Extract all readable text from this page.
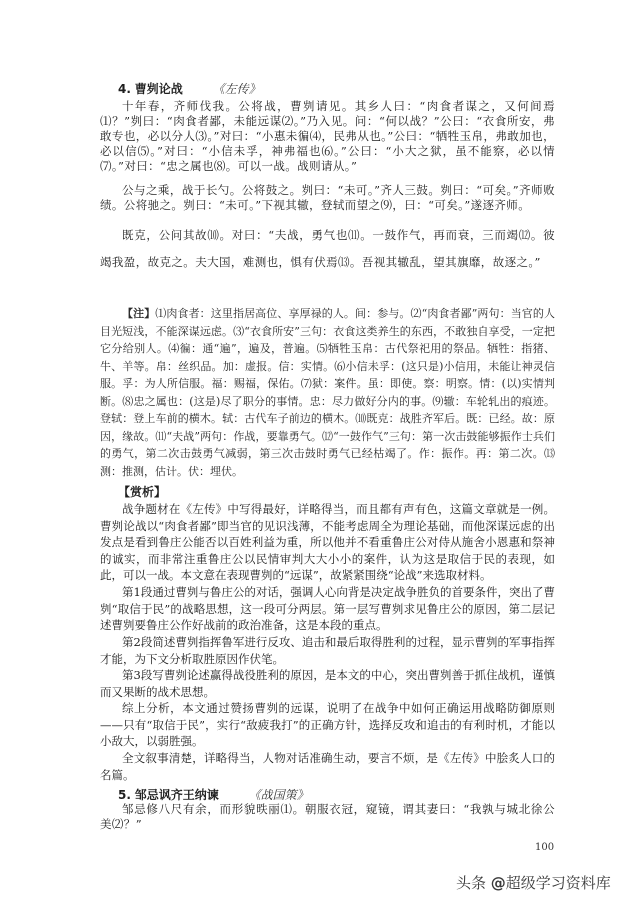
4. 曹刿论战 《左传》

十年春，齐师伐我。公将战，曹刿请见。其乡人曰：“肉食者谋之，又何间焉⑴？”刿曰：“肉食者鄙，未能远谋⑵。”乃入见。问：“何以战？”公曰：“衣食所安，弗敢专也，必以分人⑶。”对曰：“小惠未徧⑷，民弗从也。”公曰：“牺牲玉帛，弗敢加也，必以信⑸。”对曰：“小信未孚，神弗福也⑹。”公曰：“小大之狱，虽不能察，必以情⑺。”对曰：“忠之属也⑻。可以一战。战则请从。”

公与之乘，战于长勺。公将鼓之。刿曰：“未可。”齐人三鼓。刿曰：“可矣。”齐师败绩。公将驰之。刿曰：“未可。”下视其辙，登轼而望之⑼，曰：“可矣。”遂逐齐师。

既克，公问其故⑽。对曰：“夫战，勇气也⑾。一鼓作气，再而衰，三而竭⑿。彼竭我盈，故克之。夫大国，难测也，惧有伏焉⒀。吾视其辙乱，望其旗靡，故逐之。”

【注】⑴肉食者：这里指居高位、享厚禄的人。间：参与。⑵“肉食者鄙”两句：当官的人目光短浅，不能深谋远虑。⑶“衣食所安”三句：衣食这类养生的东西，不敢独自享受，一定把它分给别人。⑷徧：通“遍”，遍及，普遍。⑸牺牲玉帛：古代祭祀用的祭品。牺牲：指猪、牛、羊等。帛：丝织品。加：虚报。信：实情。⑹小信未孚：(这只是)小信用，未能让神灵信服。孚：为人所信服。福：赐福，保佑。⑺狱：案件。虽：即使。察：明察。情：(以)实情判断。⑻忠之属也：(这是)尽了职分的事情。忠：尽力做好分内的事。⑼辙：车轮轧出的痕迹。登轼：登上车前的横木。轼：古代车子前边的横木。⑽既克：战胜齐军后。既：已经。故：原因，缘故。⑾“夫战”两句：作战，要靠勇气。⑿“一鼓作气”三句：第一次击鼓能够振作士兵们的勇气，第二次击鼓勇气减弱，第三次击鼓时勇气已经枯竭了。作：振作。再：第二次。⒀测：推测，估计。伏：埋伏。

【赏析】

战争题材在《左传》中写得最好，详略得当，而且都有声有色，这篇文章就是一例。曹刿论战以“肉食者鄙”即当官的见识浅薄，不能考虑周全为理论基础，而他深谋远虑的出发点是看到鲁庄公能否以百姓利益为重，所以他并不看重鲁庄公对侍从施舍小恩惠和祭神的诚实，而非常注重鲁庄公以民情审判大大小小的案件，认为这是取信于民的表现，如此，可以一战。本文意在表现曹刿的“远谋”，故紧紧围绕“论战”来选取材料。

第1段通过曹刿与鲁庄公的对话，强调人心向背是决定战争胜负的首要条件，突出了曹刿“取信于民”的战略思想，这一段可分两层。第一层写曹刿求见鲁庄公的原因，第二层记述曹刿要鲁庄公作好战前的政治准备，这是本段的重点。

第2段简述曹刿指挥鲁军进行反攻、追击和最后取得胜利的过程，显示曹刿的军事指挥才能，为下文分析取胜原因作伏笔。

第3段写曹刿论述赢得战役胜利的原因，是本文的中心，突出曹刿善于抓住战机，谨慎而又果断的战术思想。

综上分析，本文通过赞扬曹刿的远谋，说明了在战争中如何正确运用战略防御原则——只有“取信于民”，实行“敌疲我打”的正确方针，选择反攻和追击的有利时机，才能以小敌大，以弱胜强。

全文叙事清楚，详略得当，人物对话准确生动，要言不烦，是《左传》中脍炙人口的名篇。

5. 邹忌讽齐王纳谏 《战国策》

邹忌修八尺有余，而形貌昳丽⑴。朝服衣冠，窥镜，谓其妻曰：“我孰与城北徐公美⑵？”

100
头条 @超级学习资料库
